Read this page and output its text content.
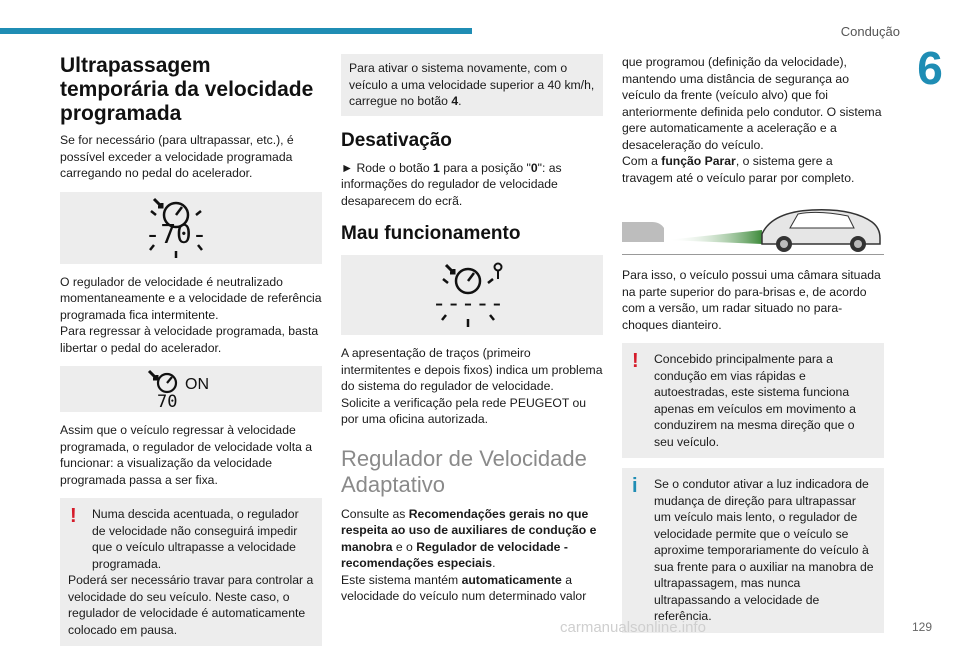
Condução
6
Ultrapassagem temporária da velocidade programada

Se for necessário (para ultrapassar, etc.), é possível exceder a velocidade programada carregando no pedal do acelerador.

-70-

O regulador de velocidade é neutralizado momentaneamente e a velocidade de referência programada fica intermitente.

Para regressar à velocidade programada, basta libertar o pedal do acelerador.

ON
70

Assim que o veículo regressar à velocidade programada, o regulador de velocidade volta a funcionar: a visualização da velocidade programada passa a ser fixa.

!	Numa descida acentuada, o regulador de velocidade não conseguirá impedir que o veículo ultrapasse a velocidade programada.

Poderá ser necessário travar para controlar a velocidade do seu veículo. Neste caso, o regulador de velocidade é automaticamente colocado em pausa.

Para ativar o sistema novamente, com o veículo a uma velocidade superior a 40 km/h, carregue no botão 4.

Desativação

► Rode o botão 1 para a posição "0": as informações do regulador de velocidade desaparecem do ecrã.

Mau funcionamento
-----

A apresentação de traços (primeiro intermitentes e depois fixos) indica um problema do sistema do regulador de velocidade.

Solicite a verificação pela rede PEUGEOT ou por uma oficina autorizada.

Regulador de Velocidade Adaptativo

Consulte as Recomendações gerais no que respeita ao uso de auxiliares de condução e manobra e o Regulador de velocidade - recomendações especiais.

Este sistema mantém automaticamente a velocidade do veículo num determinado valor

que programou (definição da velocidade), mantendo uma distância de segurança ao veículo da frente (veículo alvo) que foi anteriormente definida pelo condutor. O sistema gere automaticamente a aceleração e a desaceleração do veículo.

Com a função Parar, o sistema gere a travagem até o veículo parar por completo.

Para isso, o veículo possui uma câmara situada na parte superior do para-brisas e, de acordo com a versão, um radar situado no para-choques dianteiro.

!	Concebido principalmente para a condução em vias rápidas e autoestradas, este sistema funciona apenas em veículos em movimento a conduzirem na mesma direção que o seu veículo.

i	Se o condutor ativar a luz indicadora de mudança de direção para ultrapassar um veículo mais lento, o regulador de velocidade permite que o veículo se aproxime temporariamente do veículo à sua frente para o auxiliar na manobra de ultrapassagem, mas nunca ultrapassando a velocidade de referência.

carmanualsonline.info	129
